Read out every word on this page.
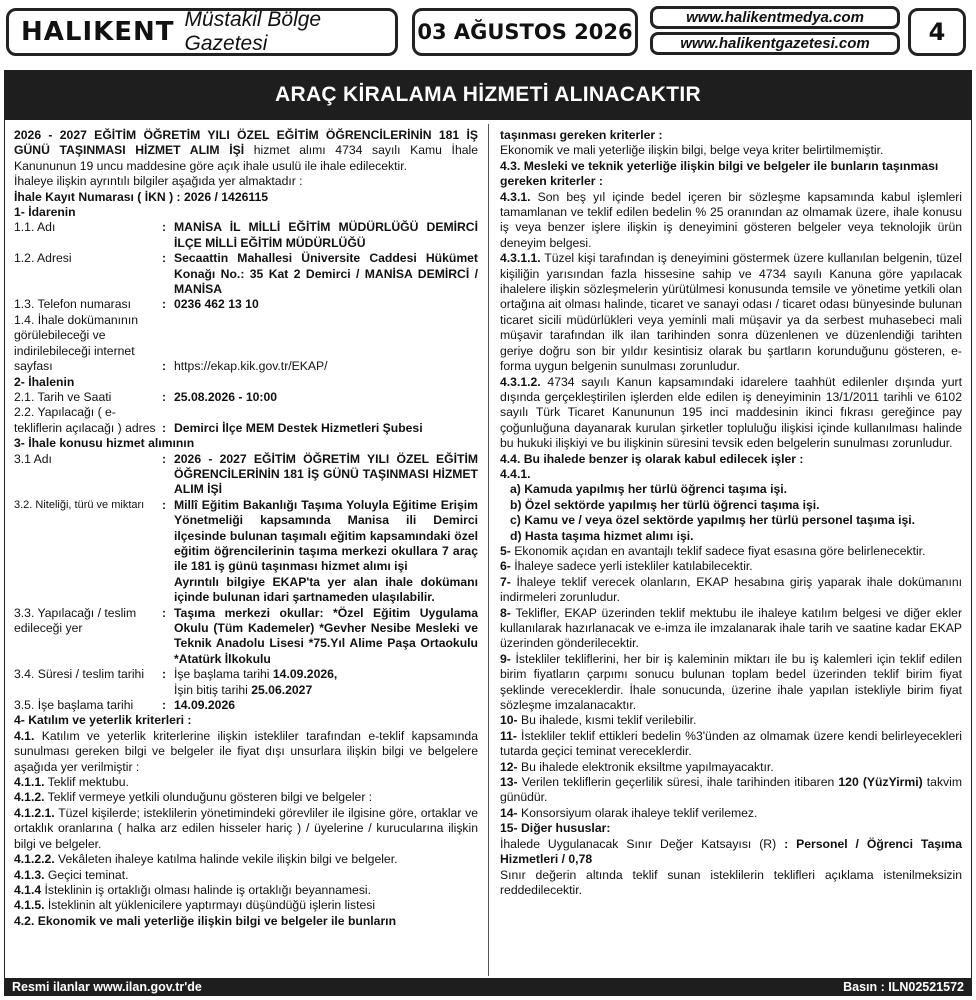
HALIKENT Müstakil Bölge Gazetesi	03 AĞUSTOS 2026
www.halikentmedya.com
www.halikentgazetesi.com	4
ARAÇ KİRALAMA HİZMETİ ALINACAKTIR

2026 - 2027 EĞİTİM ÖĞRETİM YILI ÖZEL EĞİTİM ÖĞRENCİLERİNİN 181 İŞ GÜNÜ TAŞINMASI HİZMET ALIM İŞİ hizmet alımı 4734 sayılı Kamu İhale Kanununun 19 uncu maddesine göre açık ihale usulü ile ihale edilecektir.

İhaleye ilişkin ayrıntılı bilgiler aşağıda yer almaktadır :

İhale Kayıt Numarası ( İKN ) : 2026 / 1426115

1- İdarenin

1.1. Adı	: MANİSA İL MİLLİ EĞİTİM MÜDÜRLÜĞÜ DEMİRCİ İLÇE MİLLİ EĞİTİM MÜDÜRLÜĞÜ
1.2. Adresi	: Secaattin Mahallesi Üniversite Caddesi Hükümet Konağı No.: 35 Kat 2 Demirci / MANİSA DEMİRCİ / MANİSA
1.3. Telefon numarası	: 0236 462 13 10
1.4. İhale dokümanının görülebileceği ve indirilebileceği internet sayfası	: https://ekap.kik.gov.tr/EKAP/

2- İhalenin

2.1. Tarih ve Saati	: 25.08.2026 - 10:00
2.2. Yapılacağı ( e-tekliflerin açılacağı ) adres : Demirci İlçe MEM Destek Hizmetleri Şubesi

3- İhale konusu hizmet alımının

3.1 Adı	: 2026 - 2027 EĞİTİM ÖĞRETİM YILI ÖZEL EĞİTİM ÖĞRENCİLERİNİN 181 İŞ GÜNÜ TAŞINMASI HİZMET ALIM İŞİ
3.2. Niteliği, türü ve miktarı	: Millî Eğitim Bakanlığı Taşıma Yoluyla Eğitime Erişim Yönetmeliği kapsamında Manisa ili Demirci ilçesinde bulunan taşımalı eğitim kapsamındaki özel eğitim öğrencilerinin taşıma merkezi okullara 7 araç ile 181 iş günü taşınması hizmet alımı işi
Ayrıntılı bilgiye EKAP'ta yer alan ihale dokümanı içinde bulunan idari şartnameden ulaşılabilir.
3.3. Yapılacağı / teslim edileceği yer
: Taşıma merkezi okullar: *Özel Eğitim Uygulama Okulu (Tüm Kademeler) *Gevher Nesibe Mesleki ve Teknik Anadolu Lisesi *75.Yıl Alime Paşa Ortaokulu *Atatürk İlkokulu
3.4. Süresi / teslim tarihi	: İşe başlama tarihi 14.09.2026,
İşin bitiş tarihi 25.06.2027
3.5. İşe başlama tarihi	: 14.09.2026

4- Katılım ve yeterlik kriterleri :

4.1. Katılım ve yeterlik kriterlerine ilişkin istekliler tarafından e-teklif kapsamında sunulması gereken bilgi ve belgeler ile fiyat dışı unsurlara ilişkin bilgi ve belgelere aşağıda yer verilmiştir :

4.1.1. Teklif mektubu.

4.1.2. Teklif vermeye yetkili olunduğunu gösteren bilgi ve belgeler :

4.1.2.1. Tüzel kişilerde; isteklilerin yönetimindeki görevliler ile ilgisine göre, ortaklar ve ortaklık oranlarına ( halka arz edilen hisseler hariç ) / üyelerine / kurucularına ilişkin bilgi ve belgeler.

4.1.2.2. Vekâleten ihaleye katılma halinde vekile ilişkin bilgi ve belgeler.

4.1.3. Geçici teminat.

4.1.4 İsteklinin iş ortaklığı olması halinde iş ortaklığı beyannamesi.

4.1.5. İsteklinin alt yüklenicilere yaptırmayı düşündüğü işlerin listesi

4.2. Ekonomik ve mali yeterliğe ilişkin bilgi ve belgeler ile bunların

taşınması gereken kriterler :

Ekonomik ve mali yeterliğe ilişkin bilgi, belge veya kriter belirtilmemiştir.

4.3. Mesleki ve teknik yeterliğe ilişkin bilgi ve belgeler ile bunların taşınması gereken kriterler :

4.3.1. Son beş yıl içinde bedel içeren bir sözleşme kapsamında kabul işlemleri tamamlanan ve teklif edilen bedelin % 25 oranından az olmamak üzere, ihale konusu iş veya benzer işlere ilişkin iş deneyimini gösteren belgeler veya teknolojik ürün deneyim belgesi.

4.3.1.1. Tüzel kişi tarafından iş deneyimini göstermek üzere kullanılan belgenin, tüzel kişiliğin yarısından fazla hissesine sahip ve 4734 sayılı Kanuna göre yapılacak ihalelere ilişkin sözleşmelerin yürütülmesi konusunda temsile ve yönetime yetkili olan ortağına ait olması halinde, ticaret ve sanayi odası / ticaret odası bünyesinde bulunan ticaret sicili müdürlükleri veya yeminli mali müşavir ya da serbest muhasebeci mali müşavir tarafından ilk ilan tarihinden sonra düzenlenen ve düzenlendiği tarihten geriye doğru son bir yıldır kesintisiz olarak bu şartların korunduğunu gösteren, e-forma uygun belgenin sunulması zorunludur.

4.3.1.2. 4734 sayılı Kanun kapsamındaki idarelere taahhüt edilenler dışında yurt dışında gerçekleştirilen işlerden elde edilen iş deneyiminin 13/1/2011 tarihli ve 6102 sayılı Türk Ticaret Kanununun 195 inci maddesinin ikinci fıkrası gereğince pay çoğunluğuna dayanarak kurulan şirketler topluluğu ilişkisi içinde kullanılması halinde bu hukuki ilişkiyi ve bu ilişkinin süresini tevsik eden belgelerin sunulması zorunludur.

4.4. Bu ihalede benzer iş olarak kabul edilecek işler :

4.4.1.

a) Kamuda yapılmış her türlü öğrenci taşıma işi.

b) Özel sektörde yapılmış her türlü öğrenci taşıma işi.

c) Kamu ve / veya özel sektörde yapılmış her türlü personel taşıma işi.

d) Hasta taşıma hizmet alımı işi.

5- Ekonomik açıdan en avantajlı teklif sadece fiyat esasına göre belirlenecektir.

6- İhaleye sadece yerli istekliler katılabilecektir.

7- İhaleye teklif verecek olanların, EKAP hesabına giriş yaparak ihale dokümanını indirmeleri zorunludur.

8- Teklifler, EKAP üzerinden teklif mektubu ile ihaleye katılım belgesi ve diğer ekler kullanılarak hazırlanacak ve e-imza ile imzalanarak ihale tarih ve saatine kadar EKAP üzerinden gönderilecektir.

9- İstekliler tekliflerini, her bir iş kaleminin miktarı ile bu iş kalemleri için teklif edilen birim fiyatların çarpımı sonucu bulunan toplam bedel üzerinden teklif birim fiyat şeklinde vereceklerdir. İhale sonucunda, üzerine ihale yapılan istekliyle birim fiyat sözleşme imzalanacaktır.

10- Bu ihalede, kısmi teklif verilebilir.

11- İstekliler teklif ettikleri bedelin %3'ünden az olmamak üzere kendi belirleyecekleri tutarda geçici teminat vereceklerdir.

12- Bu ihalede elektronik eksiltme yapılmayacaktır.

13- Verilen tekliflerin geçerlilik süresi, ihale tarihinden itibaren 120 (YüzYirmi) takvim günüdür.

14- Konsorsiyum olarak ihaleye teklif verilemez.

15- Diğer hususlar:

İhalede Uygulanacak Sınır Değer Katsayısı (R) : Personel / Öğrenci Taşıma Hizmetleri / 0,78

Sınır değerin altında teklif sunan isteklilerin teklifleri açıklama istenilmeksizin reddedilecektir.

Resmi ilanlar www.ilan.gov.tr'de	Basın : ILN02521572
